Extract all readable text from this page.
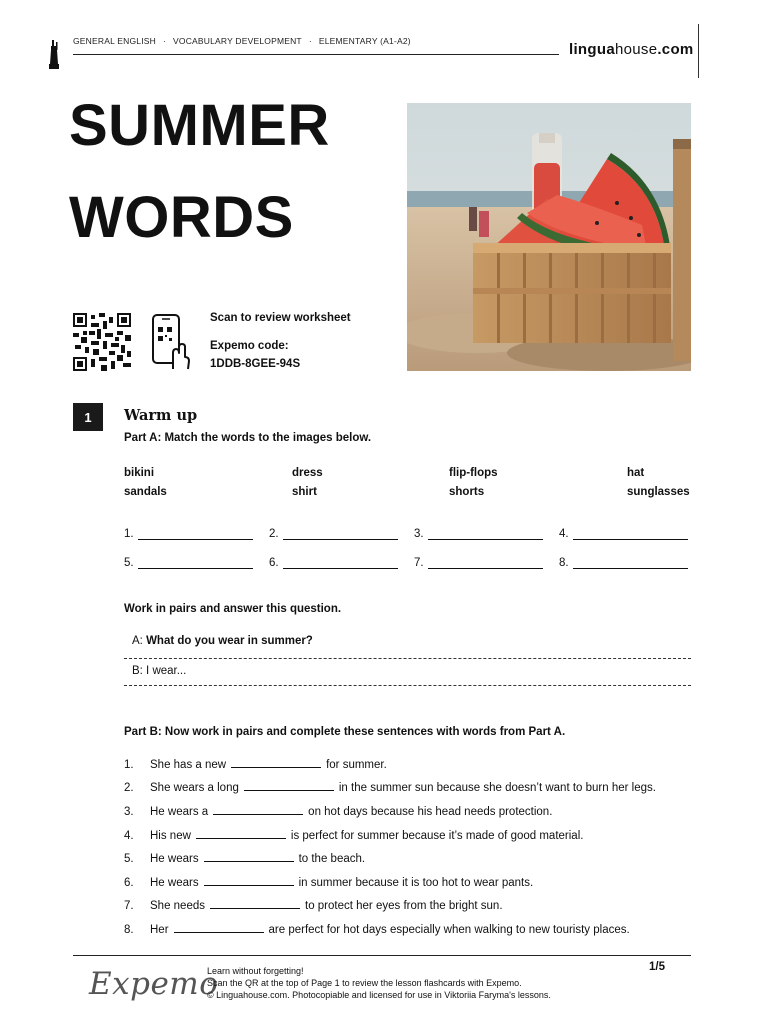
GENERAL ENGLISH · VOCABULARY DEVELOPMENT · ELEMENTARY (A1-A2)	linguahouse.com
SUMMER
WORDS
Scan to review worksheet
Expemo code:
1DDB-8GEE-94S
1	Warm up
Part A: Match the words to the images below.
bikini	dress	flip-flops	hat
sandals	shirt	shorts	sunglasses
1.	2.	3.	4.
5.	6.	7.	8.
Work in pairs and answer this question.
A: What do you wear in summer?
B: I wear...
Part B: Now work in pairs and complete these sentences with words from Part A.
1. She has a new	for summer.
2. She wears a long	in the summer sun because she doesn’t want to burn her legs.
3. He wears a	on hot days because his head needs protection.
4. His new	is perfect for summer because it’s made of good material.
5. He wears	to the beach.
6. He wears	in summer because it is too hot to wear pants.
7. She needs	to protect her eyes from the bright sun.
8. Her	are perfect for hot days especially when walking to new touristy places.
Expemo
Learn without forgetting!
Scan the QR at the top of Page 1 to review the lesson flashcards with Expemo.
© Linguahouse.com. Photocopiable and licensed for use in Viktoriia Faryma's lessons.
1/5
